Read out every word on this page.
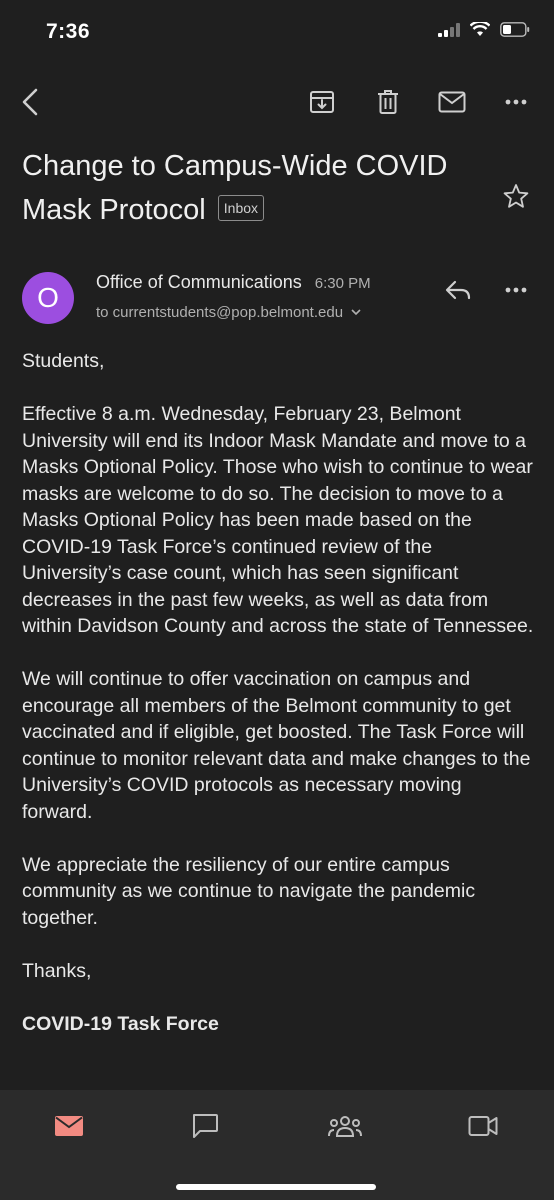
7:36
Change to Campus-Wide COVID Mask Protocol Inbox
O	Office of Communications 6:30 PM
to currentstudents@pop.belmont.edu

Students,

Effective 8 a.m. Wednesday, February 23, Belmont University will end its Indoor Mask Mandate and move to a Masks Optional Policy. Those who wish to continue to wear masks are welcome to do so. The decision to move to a Masks Optional Policy has been made based on the COVID-19 Task Force’s continued review of the University’s case count, which has seen significant decreases in the past few weeks, as well as data from within Davidson County and across the state of Tennessee.

We will continue to offer vaccination on campus and encourage all members of the Belmont community to get vaccinated and if eligible, get boosted. The Task Force will continue to monitor relevant data and make changes to the University’s COVID protocols as necessary moving forward.

We appreciate the resiliency of our entire campus community as we continue to navigate the pandemic together.

Thanks,

COVID-19 Task Force
